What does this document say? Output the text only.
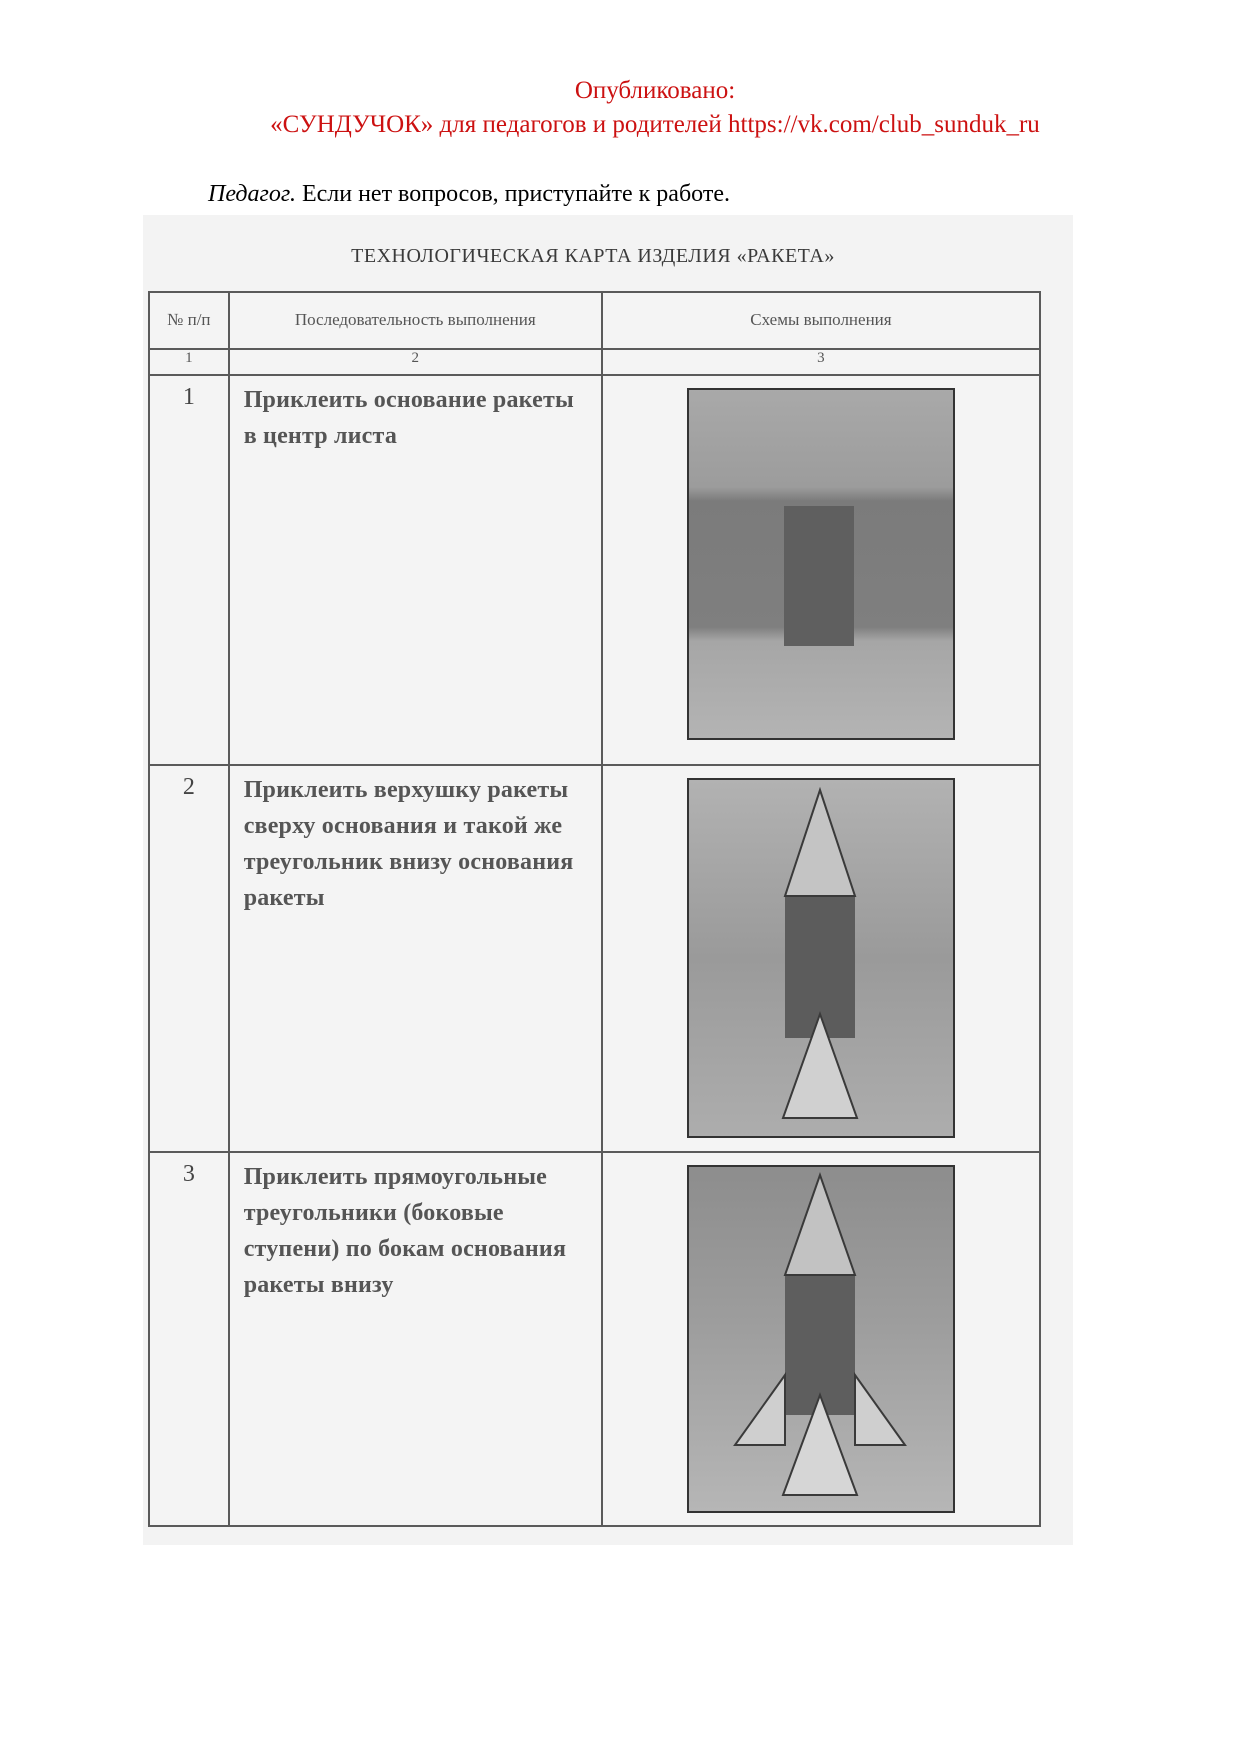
Опубликовано:
«СУНДУЧОК» для педагогов и родителей https://vk.com/club_sunduk_ru
Педагог. Если нет вопросов, приступайте к работе.
ТЕХНОЛОГИЧЕСКАЯ КАРТА ИЗДЕЛИЯ «РАКЕТА»
№ п/п	Последовательность выполнения	Схемы выполнения
1	2	3
1	Приклеить основание ракеты в центр листа	

2	Приклеить верхушку ракеты сверху основания и такой же треугольник внизу основания ракеты	

3	Приклеить прямоугольные треугольники (боковые ступени) по бокам основания ракеты внизу	
